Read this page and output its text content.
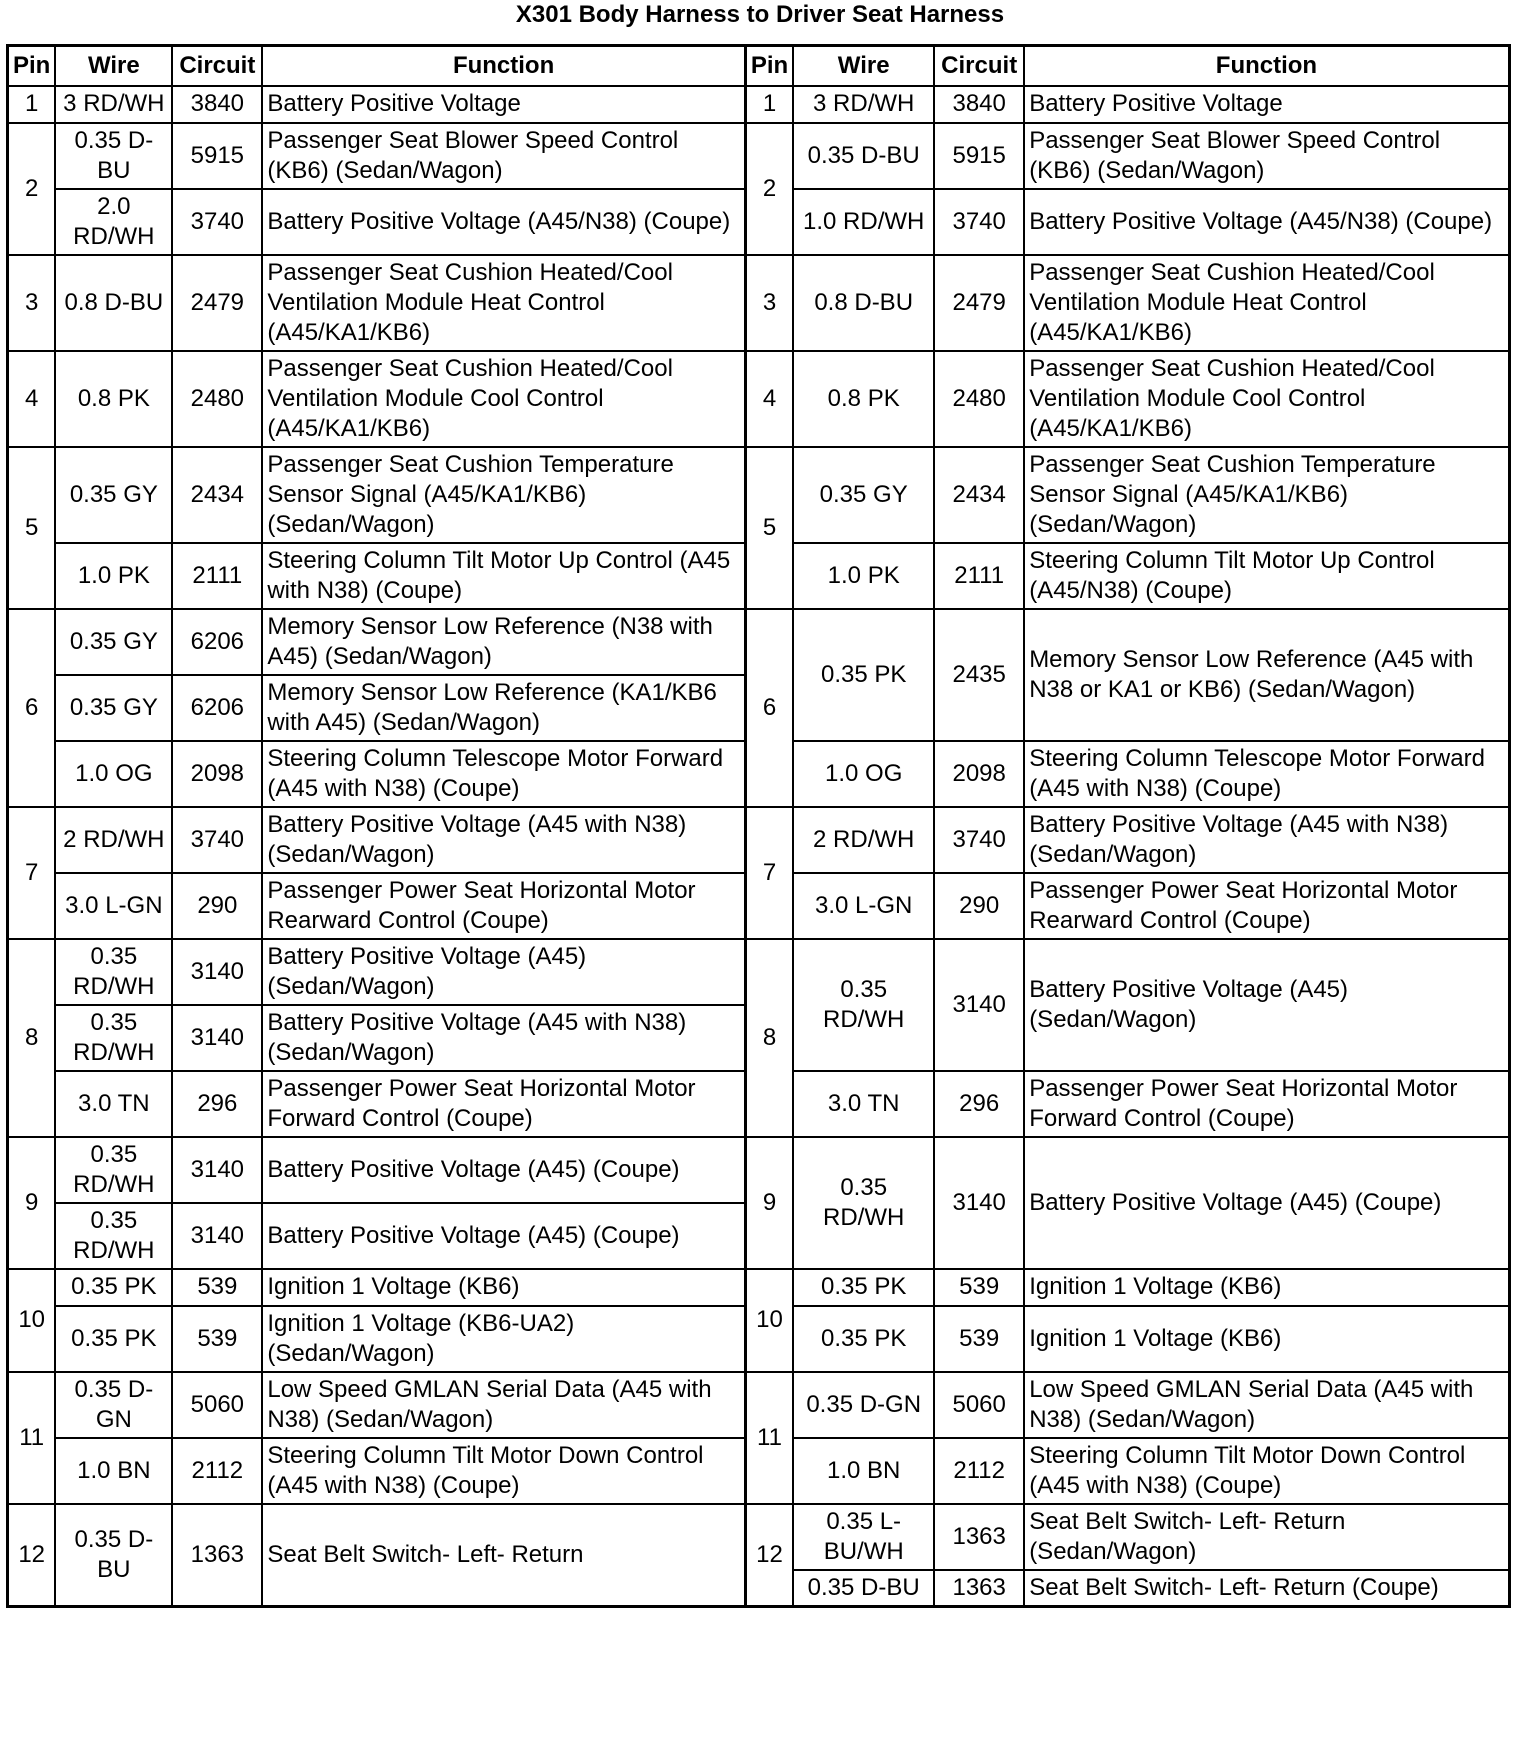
X301 Body Harness to Driver Seat Harness
Pin	Wire	Circuit	Function	Pin	Wire	Circuit	Function
1	3 RD/WH	3840	Battery Positive Voltage	1	3 RD/WH	3840	Battery Positive Voltage
2	0.35 D-BU	5915	Passenger Seat Blower Speed Control (KB6) (Sedan/Wagon)	2	0.35 D-BU	5915	Passenger Seat Blower Speed Control (KB6) (Sedan/Wagon)
	2.0 RD/WH	3740	Battery Positive Voltage (A45/N38) (Coupe)		1.0 RD/WH	3740	Battery Positive Voltage (A45/N38) (Coupe)
3	0.8 D-BU	2479	Passenger Seat Cushion Heated/Cool Ventilation Module Heat Control (A45/KA1/KB6)	3	0.8 D-BU	2479	Passenger Seat Cushion Heated/Cool Ventilation Module Heat Control (A45/KA1/KB6)
4	0.8 PK	2480	Passenger Seat Cushion Heated/Cool Ventilation Module Cool Control (A45/KA1/KB6)	4	0.8 PK	2480	Passenger Seat Cushion Heated/Cool Ventilation Module Cool Control (A45/KA1/KB6)
5	0.35 GY	2434	Passenger Seat Cushion Temperature Sensor Signal (A45/KA1/KB6) (Sedan/Wagon)	5	0.35 GY	2434	Passenger Seat Cushion Temperature Sensor Signal (A45/KA1/KB6) (Sedan/Wagon)
	1.0 PK	2111	Steering Column Tilt Motor Up Control (A45 with N38) (Coupe)		1.0 PK	2111	Steering Column Tilt Motor Up Control (A45/N38) (Coupe)
6	0.35 GY	6206	Memory Sensor Low Reference (N38 with A45) (Sedan/Wagon)	6	0.35 PK	2435	Memory Sensor Low Reference (A45 with N38 or KA1 or KB6) (Sedan/Wagon)
	0.35 GY	6206	Memory Sensor Low Reference (KA1/KB6 with A45) (Sedan/Wagon)				
	1.0 OG	2098	Steering Column Telescope Motor Forward (A45 with N38) (Coupe)		1.0 OG	2098	Steering Column Telescope Motor Forward (A45 with N38) (Coupe)
7	2 RD/WH	3740	Battery Positive Voltage (A45 with N38) (Sedan/Wagon)	7	2 RD/WH	3740	Battery Positive Voltage (A45 with N38) (Sedan/Wagon)
	3.0 L-GN	290	Passenger Power Seat Horizontal Motor Rearward Control (Coupe)		3.0 L-GN	290	Passenger Power Seat Horizontal Motor Rearward Control (Coupe)
8	0.35 RD/WH	3140	Battery Positive Voltage (A45) (Sedan/Wagon)	8	0.35 RD/WH	3140	Battery Positive Voltage (A45) (Sedan/Wagon)
	0.35 RD/WH	3140	Battery Positive Voltage (A45 with N38) (Sedan/Wagon)				
	3.0 TN	296	Passenger Power Seat Horizontal Motor Forward Control (Coupe)		3.0 TN	296	Passenger Power Seat Horizontal Motor Forward Control (Coupe)
9	0.35 RD/WH	3140	Battery Positive Voltage (A45) (Coupe)	9	0.35 RD/WH	3140	Battery Positive Voltage (A45) (Coupe)
	0.35 RD/WH	3140	Battery Positive Voltage (A45) (Coupe)				
10	0.35 PK	539	Ignition 1 Voltage (KB6)	10	0.35 PK	539	Ignition 1 Voltage (KB6)
	0.35 PK	539	Ignition 1 Voltage (KB6-UA2) (Sedan/Wagon)		0.35 PK	539	Ignition 1 Voltage (KB6)
11	0.35 D-GN	5060	Low Speed GMLAN Serial Data (A45 with N38) (Sedan/Wagon)	11	0.35 D-GN	5060	Low Speed GMLAN Serial Data (A45 with N38) (Sedan/Wagon)
	1.0 BN	2112	Steering Column Tilt Motor Down Control (A45 with N38) (Coupe)		1.0 BN	2112	Steering Column Tilt Motor Down Control (A45 with N38) (Coupe)
12	0.35 D-BU	1363	Seat Belt Switch- Left- Return	12	0.35 L-BU/WH	1363	Seat Belt Switch- Left- Return (Sedan/Wagon)
					0.35 D-BU	1363	Seat Belt Switch- Left- Return (Coupe)
